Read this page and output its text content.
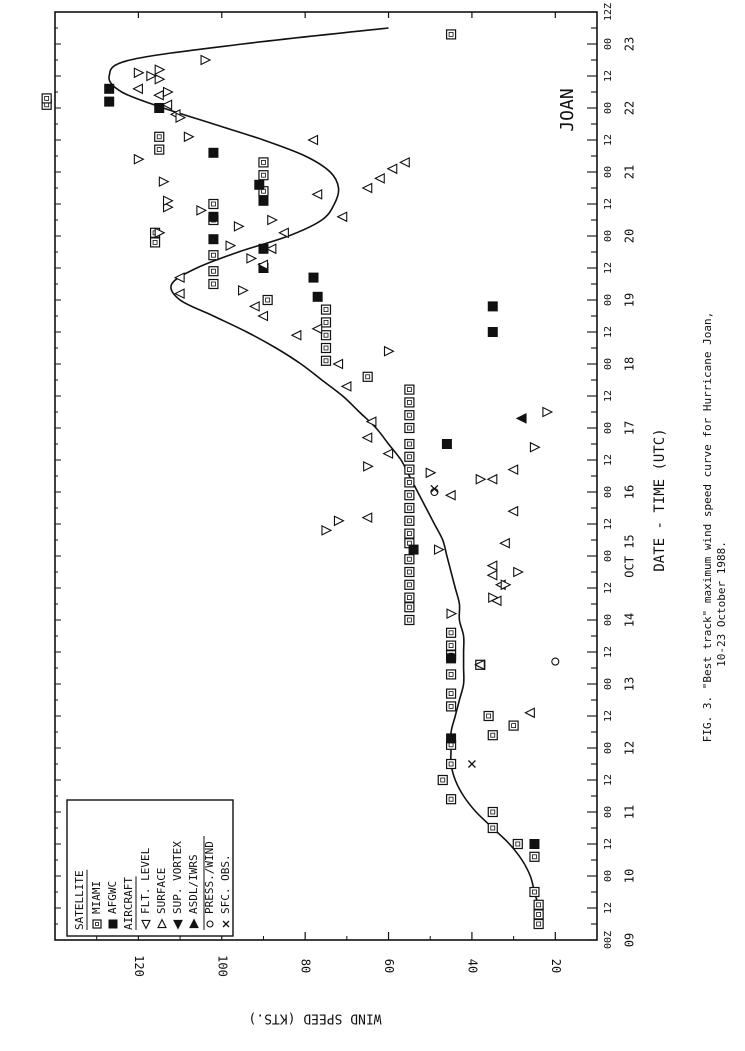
20
40
60
80
100
120
00Z
12
00
12
00
12
00
12
00
12
00
12
00
12
00
12
00
12
00
12
00
12
00
12
00
12
00
12
00
12Z
09
10
11
12
13
14
OCT 15
16
17
18
19
20
21
22
23
DATE - TIME (UTC)
WIND SPEED (KTS.)
JOAN
FIG. 3. "Best track" maximum wind speed curve for Hurricane Joan, 10-23 October 1988.
SATELLITE MIAMI AFGWC AIRCRAFT FLT. LEVEL SURFACE SUP. VORTEX ASDL/IWRS PRESS./WIND SFC. OBS.
